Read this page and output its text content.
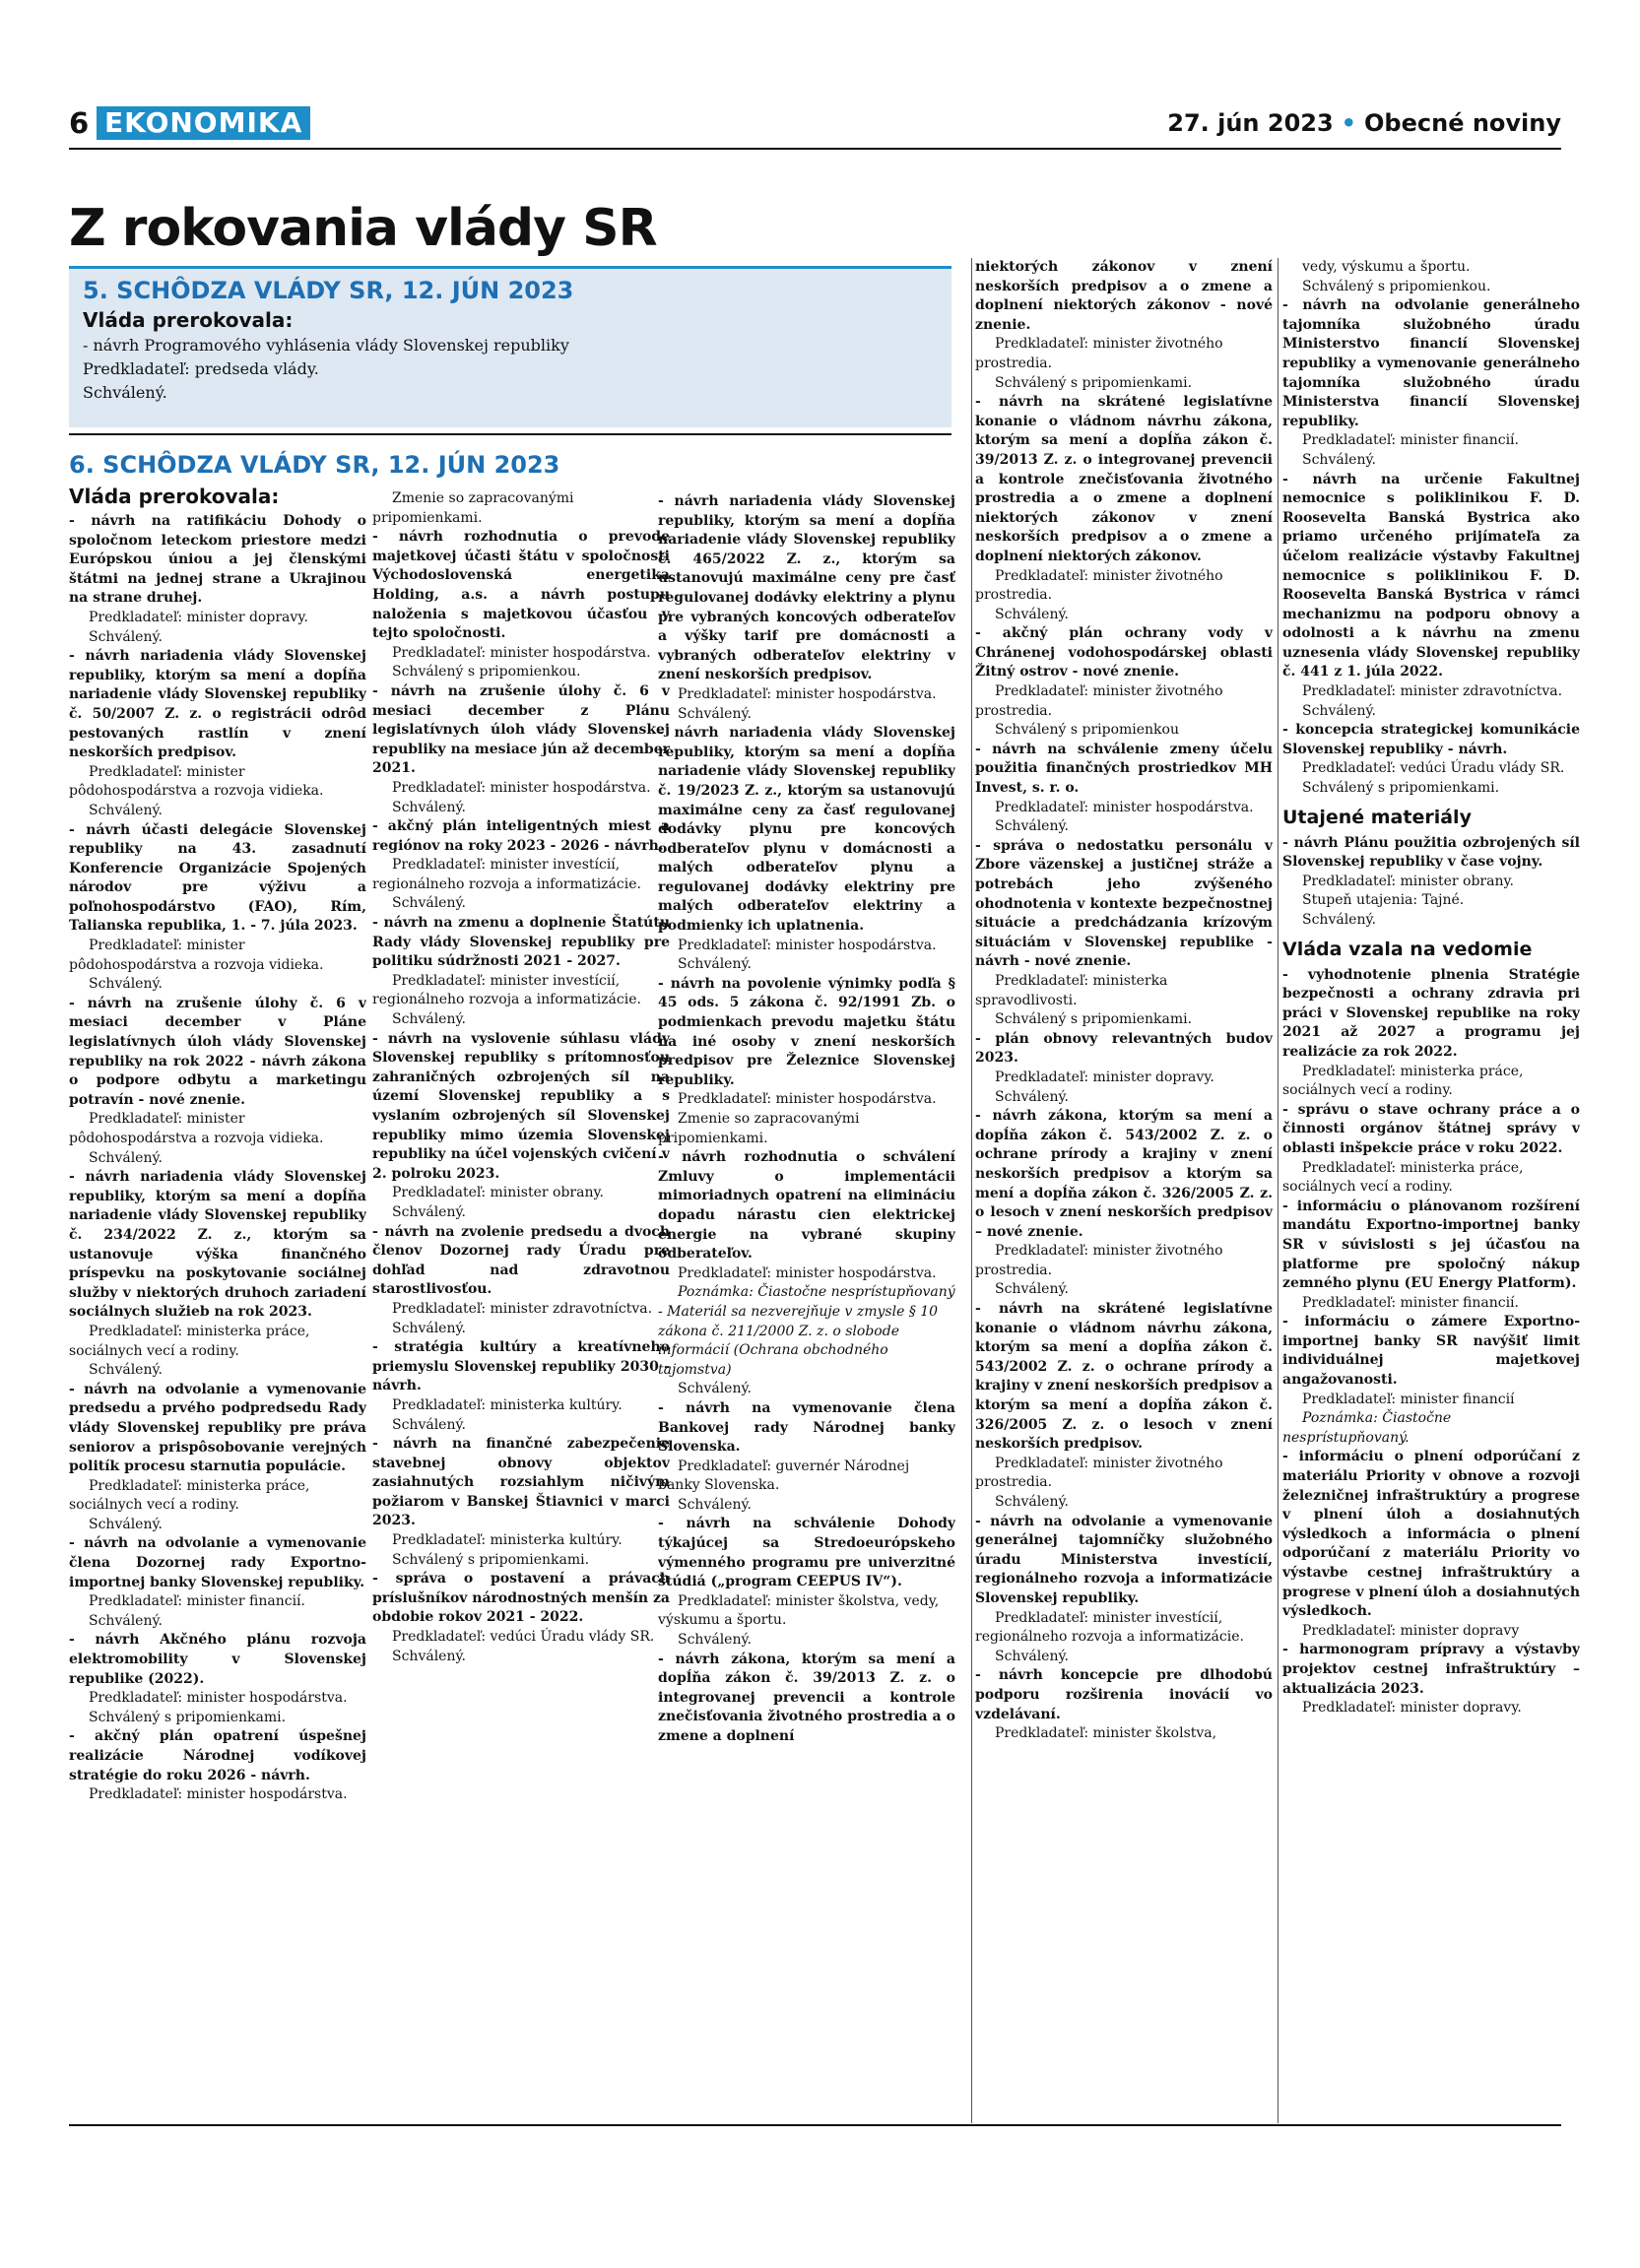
6 EKONOMIKA	27. jún 2023 • Obecné noviny
Z rokovania vlády SR
5. SCHÔDZA VLÁDY SR, 12. JÚN 2023
Vláda prerokovala:
- návrh Programového vyhlásenia vlády Slovenskej republiky
Predkladateľ: predseda vlády.
Schválený.
6. SCHÔDZA VLÁDY SR, 12. JÚN 2023
Vláda prerokovala:

- návrh na ratifikáciu Dohody o spoločnom leteckom priestore medzi Európskou úniou a jej členskými štátmi na jednej strane a Ukrajinou na strane druhej.

Predkladateľ: minister dopravy.

Schválený.

- návrh nariadenia vlády Slovenskej republiky, ktorým sa mení a dopĺňa nariadenie vlády Slovenskej republiky č. 50/2007 Z. z. o registrácii odrôd pestovaných rastlín v znení neskorších predpisov.

Predkladateľ: minister pôdohospodárstva a rozvoja vidieka.

Schválený.

- návrh účasti delegácie Slovenskej republiky na 43. zasadnutí Konferencie Organizácie Spojených národov pre výživu a poľnohospodárstvo (FAO), Rím, Talianska republika, 1. - 7. júla 2023.

Predkladateľ: minister pôdohospodárstva a rozvoja vidieka.

Schválený.

- návrh na zrušenie úlohy č. 6 v mesiaci december v Pláne legislatívnych úloh vlády Slovenskej republiky na rok 2022 - návrh zákona o podpore odbytu a marketingu potravín - nové znenie.

Predkladateľ: minister pôdohospodárstva a rozvoja vidieka.

Schválený.

- návrh nariadenia vlády Slovenskej republiky, ktorým sa mení a dopĺňa nariadenie vlády Slovenskej republiky č. 234/2022 Z. z., ktorým sa ustanovuje výška finančného príspevku na poskytovanie sociálnej služby v niektorých druhoch zariadení sociálnych služieb na rok 2023.

Predkladateľ: ministerka práce, sociálnych vecí a rodiny.

Schválený.

- návrh na odvolanie a vymenovanie predsedu a prvého podpredsedu Rady vlády Slovenskej republiky pre práva seniorov a prispôsobovanie verejných politík procesu starnutia populácie.

Predkladateľ: ministerka práce, sociálnych vecí a rodiny.

Schválený.

- návrh na odvolanie a vymenovanie člena Dozornej rady Exportno-importnej banky Slovenskej republiky.

Predkladateľ: minister financií.

Schválený.

- návrh Akčného plánu rozvoja elektromobility v Slovenskej republike (2022).

Predkladateľ: minister hospodárstva.

Schválený s pripomienkami.

- akčný plán opatrení úspešnej realizácie Národnej vodíkovej stratégie do roku 2026 - návrh.

Predkladateľ: minister hospodárstva.

Zmenie so zapracovanými pripomienkami.

- návrh rozhodnutia o prevode majetkovej účasti štátu v spoločnosti Východoslovenská energetika Holding, a.s. a návrh postupu naloženia s majetkovou účasťou v tejto spoločnosti.

Predkladateľ: minister hospodárstva.

Schválený s pripomienkou.

- návrh na zrušenie úlohy č. 6 v mesiaci december z Plánu legislatívnych úloh vlády Slovenskej republiky na mesiace jún až december 2021.

Predkladateľ: minister hospodárstva.

Schválený.

- akčný plán inteligentných miest a regiónov na roky 2023 - 2026 - návrh.

Predkladateľ: minister investícií, regionálneho rozvoja a informatizácie.

Schválený.

- návrh na zmenu a doplnenie Štatútu Rady vlády Slovenskej republiky pre politiku súdržnosti 2021 - 2027.

Predkladateľ: minister investícií, regionálneho rozvoja a informatizácie.

Schválený.

- návrh na vyslovenie súhlasu vlády Slovenskej republiky s prítomnosťou zahraničných ozbrojených síl na území Slovenskej republiky a s vyslaním ozbrojených síl Slovenskej republiky mimo územia Slovenskej republiky na účel vojenských cvičení v 2. polroku 2023.

Predkladateľ: minister obrany.

Schválený.

- návrh na zvolenie predsedu a dvoch členov Dozornej rady Úradu pre dohľad nad zdravotnou starostlivosťou.

Predkladateľ: minister zdravotníctva.

Schválený.

- stratégia kultúry a kreatívneho priemyslu Slovenskej republiky 2030 - návrh.

Predkladateľ: ministerka kultúry.

Schválený.

- návrh na finančné zabezpečenie stavebnej obnovy objektov zasiahnutých rozsiahlym ničivým požiarom v Banskej Štiavnici v marci 2023.

Predkladateľ: ministerka kultúry.

Schválený s pripomienkami.

- správa o postavení a právach príslušníkov národnostných menšín za obdobie rokov 2021 - 2022.

Predkladateľ: vedúci Úradu vlády SR.

Schválený.

- návrh nariadenia vlády Slovenskej republiky, ktorým sa mení a dopĺňa nariadenie vlády Slovenskej republiky č. 465/2022 Z. z., ktorým sa ustanovujú maximálne ceny pre časť regulovanej dodávky elektriny a plynu pre vybraných koncových odberateľov a výšky tarif pre domácnosti a vybraných odberateľov elektriny v znení neskorších predpisov.

Predkladateľ: minister hospodárstva.

Schválený.

- návrh nariadenia vlády Slovenskej republiky, ktorým sa mení a dopĺňa nariadenie vlády Slovenskej republiky č. 19/2023 Z. z., ktorým sa ustanovujú maximálne ceny za časť regulovanej dodávky plynu pre koncových odberateľov plynu v domácnosti a malých odberateľov plynu a regulovanej dodávky elektriny pre malých odberateľov elektriny a podmienky ich uplatnenia.

Predkladateľ: minister hospodárstva.

Schválený.

- návrh na povolenie výnimky podľa § 45 ods. 5 zákona č. 92/1991 Zb. o podmienkach prevodu majetku štátu na iné osoby v znení neskorších predpisov pre Železnice Slovenskej republiky.

Predkladateľ: minister hospodárstva.

Zmenie so zapracovanými pripomienkami.

- návrh rozhodnutia o schválení Zmluvy o implementácii mimoriadnych opatrení na elimináciu dopadu nárastu cien elektrickej energie na vybrané skupiny odberateľov.

Predkladateľ: minister hospodárstva.

Poznámka: Čiastočne nesprístupňovaný - Materiál sa nezverejňuje v zmysle § 10 zákona č. 211/2000 Z. z. o slobode informácií (Ochrana obchodného tajomstva)

Schválený.

- návrh na vymenovanie člena Bankovej rady Národnej banky Slovenska.

Predkladateľ: guvernér Národnej banky Slovenska.

Schválený.

- návrh na schválenie Dohody týkajúcej sa Stredoeurópskeho výmenného programu pre univerzitné štúdiá („program CEEPUS IV“).

Predkladateľ: minister školstva, vedy, výskumu a športu.

Schválený.

- návrh zákona, ktorým sa mení a dopĺňa zákon č. 39/2013 Z. z. o integrovanej prevencii a kontrole znečisťovania životného prostredia a o zmene a doplnení

niektorých zákonov v znení neskorších predpisov a o zmene a doplnení niektorých zákonov - nové znenie.

Predkladateľ: minister životného prostredia.

Schválený s pripomienkami.

- návrh na skrátené legislatívne konanie o vládnom návrhu zákona, ktorým sa mení a dopĺňa zákon č. 39/2013 Z. z. o integrovanej prevencii a kontrole znečisťovania životného prostredia a o zmene a doplnení niektorých zákonov v znení neskorších predpisov a o zmene a doplnení niektorých zákonov.

Predkladateľ: minister životného prostredia.

Schválený.

- akčný plán ochrany vody v Chránenej vodohospodárskej oblasti Žitný ostrov - nové znenie.

Predkladateľ: minister životného prostredia.

Schválený s pripomienkou

- návrh na schválenie zmeny účelu použitia finančných prostriedkov MH Invest, s. r. o.

Predkladateľ: minister hospodárstva.

Schválený.

- správa o nedostatku personálu v Zbore väzenskej a justičnej stráže a potrebách jeho zvýšeného ohodnotenia v kontexte bezpečnostnej situácie a predchádzania krízovým situáciám v Slovenskej republike - návrh - nové znenie.

Predkladateľ: ministerka spravodlivosti.

Schválený s pripomienkami.

- plán obnovy relevantných budov 2023.

Predkladateľ: minister dopravy.

Schválený.

- návrh zákona, ktorým sa mení a dopĺňa zákon č. 543/2002 Z. z. o ochrane prírody a krajiny v znení neskorších predpisov a ktorým sa mení a dopĺňa zákon č. 326/2005 Z. z. o lesoch v znení neskorších predpisov – nové znenie.

Predkladateľ: minister životného prostredia.

Schválený.

- návrh na skrátené legislatívne konanie o vládnom návrhu zákona, ktorým sa mení a dopĺňa zákon č. 543/2002 Z. z. o ochrane prírody a krajiny v znení neskorších predpisov a ktorým sa mení a dopĺňa zákon č. 326/2005 Z. z. o lesoch v znení neskorších predpisov.

Predkladateľ: minister životného prostredia.

Schválený.

- návrh na odvolanie a vymenovanie generálnej tajomníčky služobného úradu Ministerstva investícií, regionálneho rozvoja a informatizácie Slovenskej republiky.

Predkladateľ: minister investícií, regionálneho rozvoja a informatizácie.

Schválený.

- návrh koncepcie pre dlhodobú podporu rozširenia inovácií vo vzdelávaní.

Predkladateľ: minister školstva,

vedy, výskumu a športu.

Schválený s pripomienkou.

- návrh na odvolanie generálneho tajomníka služobného úradu Ministerstvo financií Slovenskej republiky a vymenovanie generálneho tajomníka služobného úradu Ministerstva financií Slovenskej republiky.

Predkladateľ: minister financií.

Schválený.

- návrh na určenie Fakultnej nemocnice s poliklinikou F. D. Roosevelta Banská Bystrica ako priamo určeného prijímateľa za účelom realizácie výstavby Fakultnej nemocnice s poliklinikou F. D. Roosevelta Banská Bystrica v rámci mechanizmu na podporu obnovy a odolnosti a k návrhu na zmenu uznesenia vlády Slovenskej republiky č. 441 z 1. júla 2022.

Predkladateľ: minister zdravotníctva.

Schválený.

- koncepcia strategickej komunikácie Slovenskej republiky - návrh.

Predkladateľ: vedúci Úradu vlády SR.

Schválený s pripomienkami.

Utajené materiály

- návrh Plánu použitia ozbrojených síl Slovenskej republiky v čase vojny.

Predkladateľ: minister obrany.

Stupeň utajenia: Tajné.

Schválený.

Vláda vzala na vedomie

- vyhodnotenie plnenia Stratégie bezpečnosti a ochrany zdravia pri práci v Slovenskej republike na roky 2021 až 2027 a programu jej realizácie za rok 2022.

Predkladateľ: ministerka práce, sociálnych vecí a rodiny.

- správu o stave ochrany práce a o činnosti orgánov štátnej správy v oblasti inšpekcie práce v roku 2022.

Predkladateľ: ministerka práce, sociálnych vecí a rodiny.

- informáciu o plánovanom rozšírení mandátu Exportno-importnej banky SR v súvislosti s jej účasťou na platforme pre spoločný nákup zemného plynu (EU Energy Platform).

Predkladateľ: minister financií.

- informáciu o zámere Exportno-importnej banky SR navýšiť limit individuálnej majetkovej angažovanosti.

Predkladateľ: minister financií

Poznámka: Čiastočne nesprístupňovaný.

- informáciu o plnení odporúčaní z materiálu Priority v obnove a rozvoji železničnej infraštruktúry a progrese v plnení úloh a dosiahnutých výsledkoch a informácia o plnení odporúčaní z materiálu Priority vo výstavbe cestnej infraštruktúry a progrese v plnení úloh a dosiahnutých výsledkoch.

Predkladateľ: minister dopravy

- harmonogram prípravy a výstavby projektov cestnej infraštruktúry – aktualizácia 2023.

Predkladateľ: minister dopravy.
